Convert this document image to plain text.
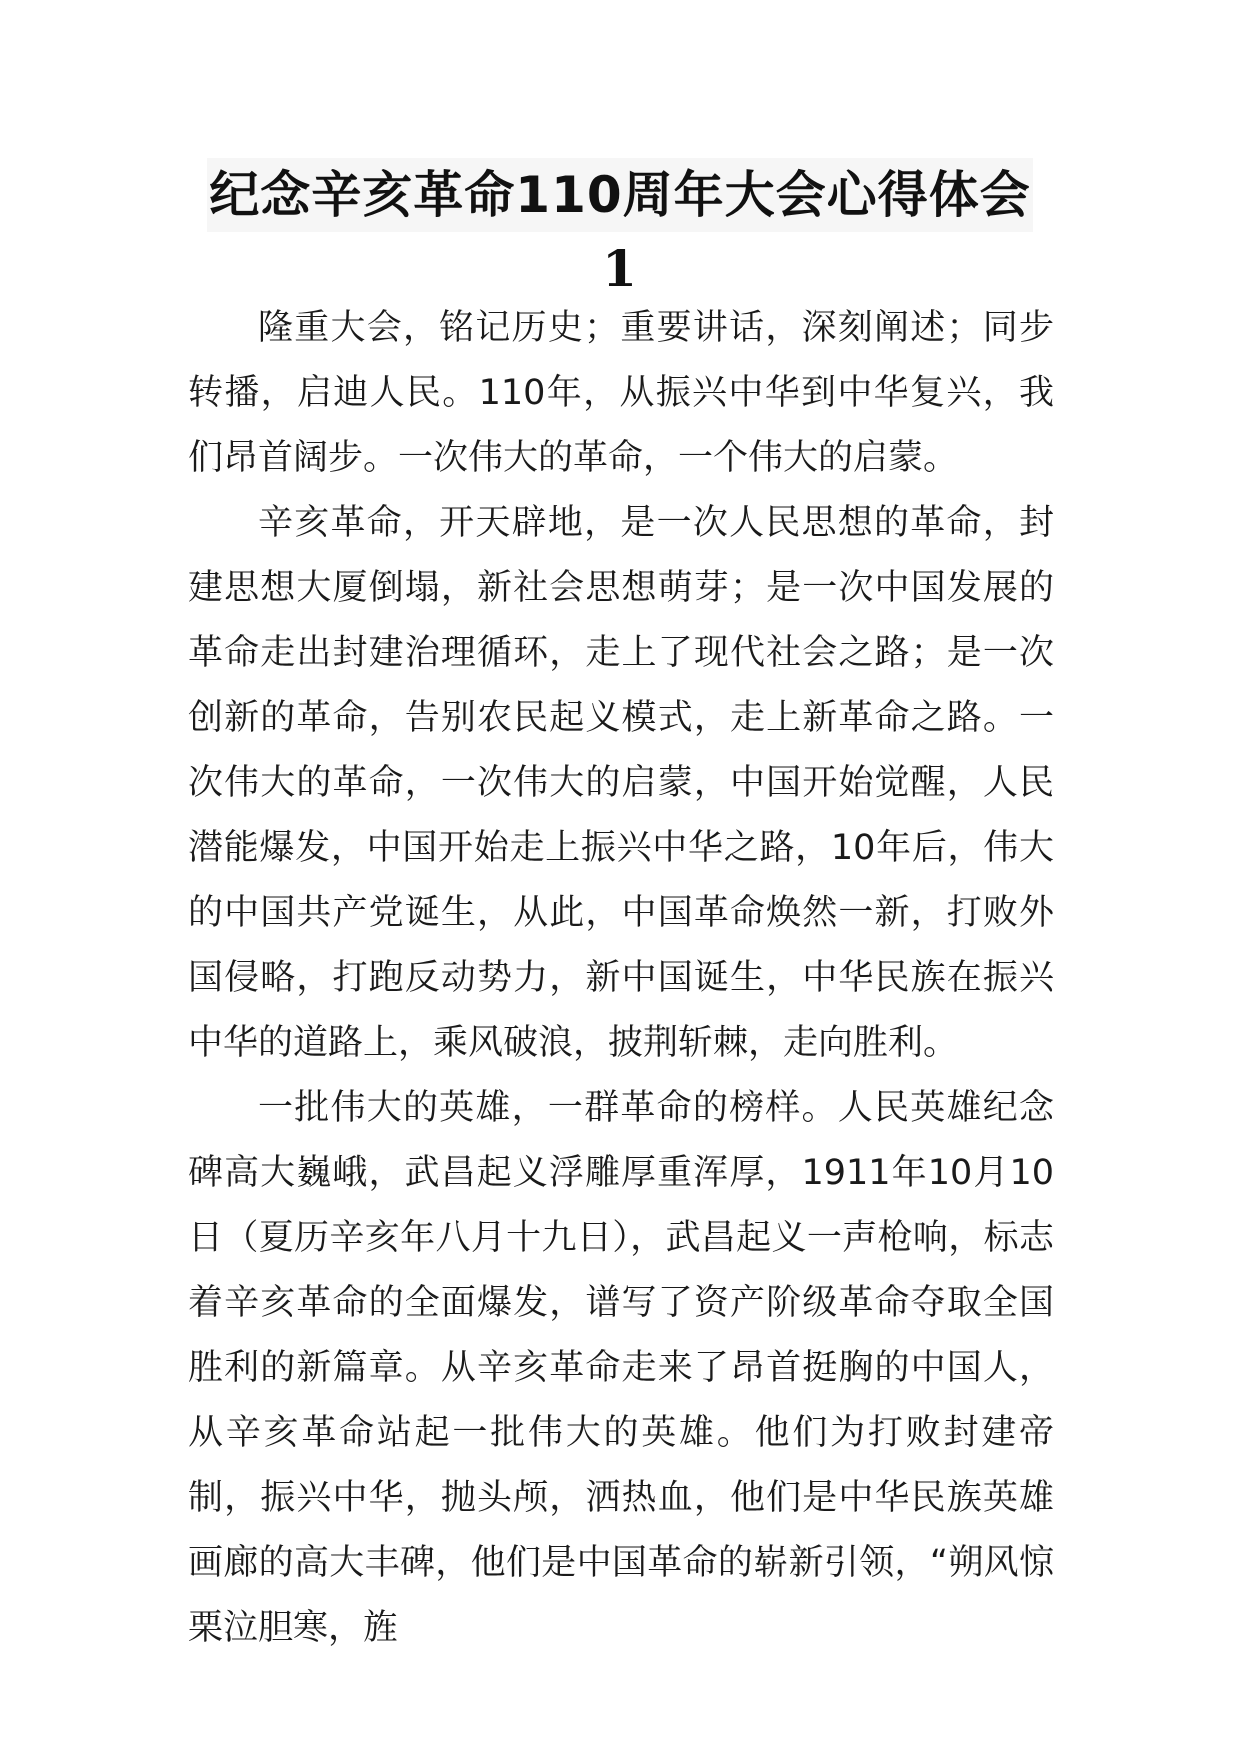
纪念辛亥革命110周年大会心得体会
1

隆重大会，铭记历史；重要讲话，深刻阐述；同步转播，启迪人民。110年，从振兴中华到中华复兴，我们昂首阔步。一次伟大的革命，一个伟大的启蒙。

辛亥革命，开天辟地，是一次人民思想的革命，封建思想大厦倒塌，新社会思想萌芽；是一次中国发展的革命走出封建治理循环，走上了现代社会之路；是一次创新的革命，告别农民起义模式，走上新革命之路。一次伟大的革命，一次伟大的启蒙，中国开始觉醒，人民潜能爆发，中国开始走上振兴中华之路，10年后，伟大的中国共产党诞生，从此，中国革命焕然一新，打败外国侵略，打跑反动势力，新中国诞生，中华民族在振兴中华的道路上，乘风破浪，披荆斩棘，走向胜利。

一批伟大的英雄，一群革命的榜样。人民英雄纪念碑高大巍峨，武昌起义浮雕厚重浑厚，1911年10月10日（夏历辛亥年八月十九日），武昌起义一声枪响，标志着辛亥革命的全面爆发，谱写了资产阶级革命夺取全国胜利的新篇章。从辛亥革命走来了昂首挺胸的中国人，从辛亥革命站起一批伟大的英雄。他们为打败封建帝制，振兴中华，抛头颅，洒热血，他们是中华民族英雄画廊的高大丰碑，他们是中国革命的崭新引领，“朔风惊栗泣胆寒，旌
